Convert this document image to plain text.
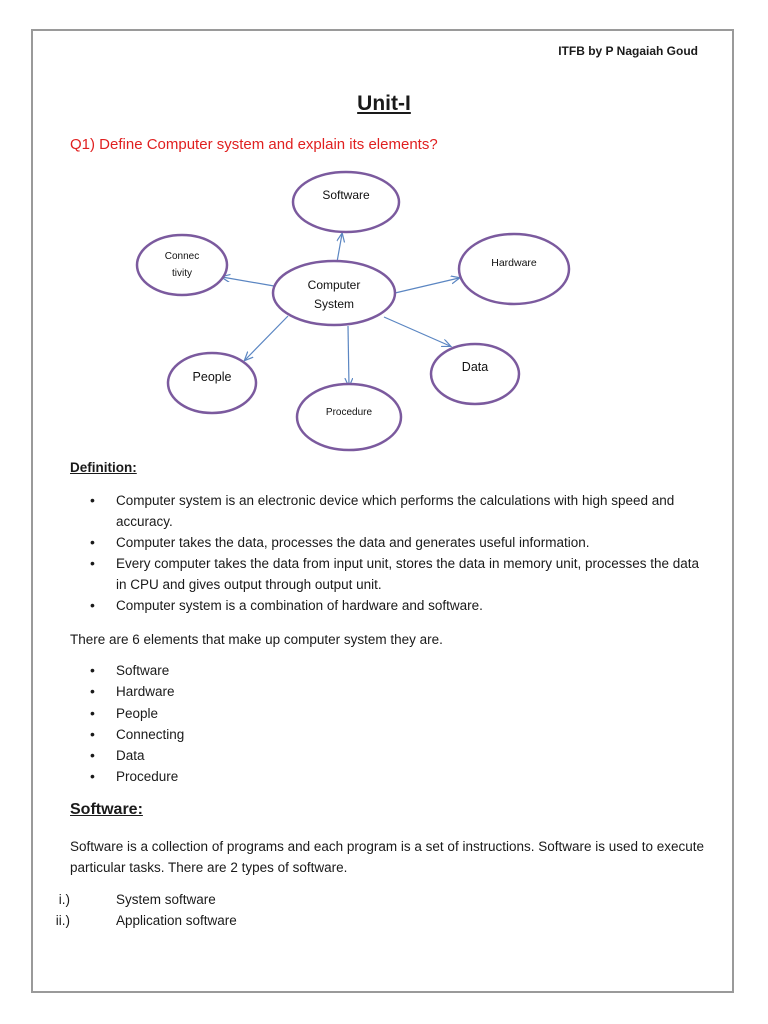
ITFB by P Nagaiah Goud
Unit-I
Q1) Define Computer system and explain its elements?
Software
Connec
tivity
Hardware
Computer
System
People
Data
Procedure
Definition:
• Computer system is an electronic device which performs the calculations with high speed and accuracy.
• Computer takes the data, processes the data and generates useful information.
• Every computer takes the data from input unit, stores the data in memory unit, processes the data in CPU and gives output through output unit.
• Computer system is a combination of hardware and software.
There are 6 elements that make up computer system they are.
• Software
• Hardware
• People
• Connecting
• Data
• Procedure
Software:
Software is a collection of programs and each program is a set of instructions. Software is used to execute particular tasks. There are 2 types of software.
i.)	System software
ii.)	Application software
